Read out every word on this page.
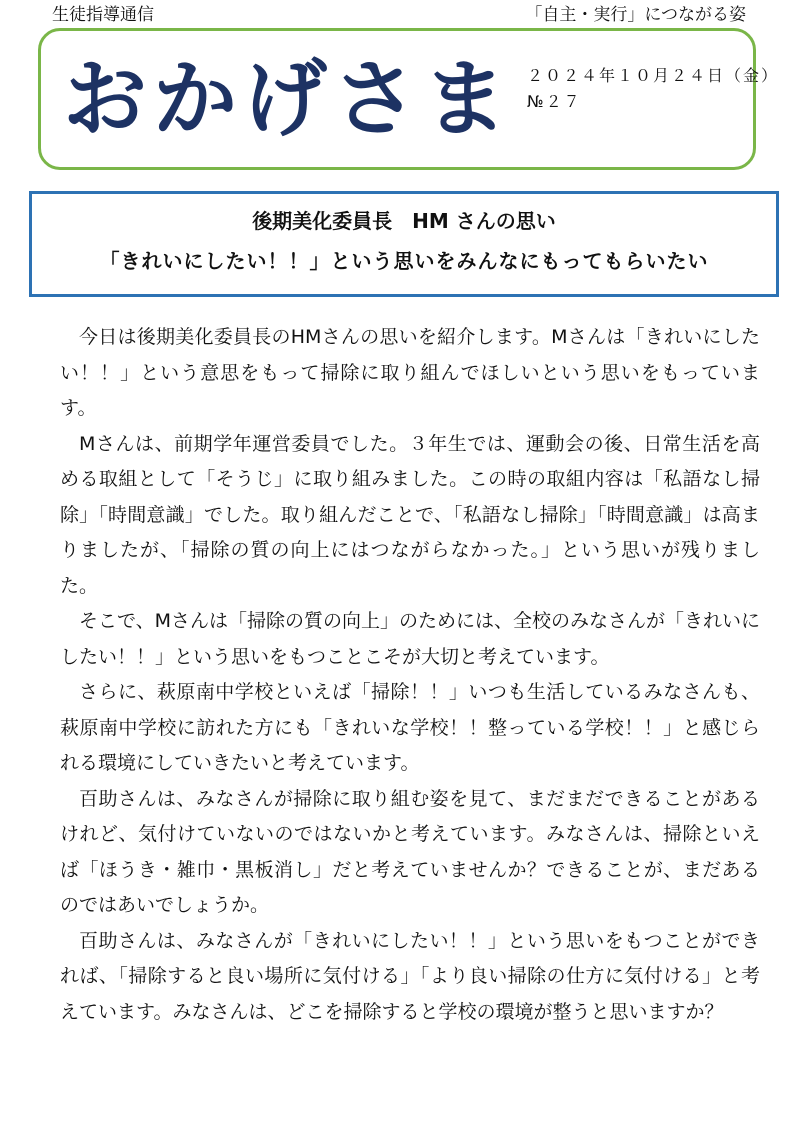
生徒指導通信	「自主・実行」につながる姿
おかげさま ２０２４年１０月２４日（金）
№２７
後期美化委員長　HM さんの思い
「きれいにしたい！！」という思いをみんなにもってもらいたい

今日は後期美化委員長のHMさんの思いを紹介します。Mさんは「きれいにしたい！！」という意思をもって掃除に取り組んでほしいという思いをもっています。

Mさんは、前期学年運営委員でした。３年生では、運動会の後、日常生活を高める取組として「そうじ」に取り組みました。この時の取組内容は「私語なし掃除」「時間意識」でした。取り組んだことで、「私語なし掃除」「時間意識」は高まりましたが、「掃除の質の向上にはつながらなかった。」という思いが残りました。

そこで、Mさんは「掃除の質の向上」のためには、全校のみなさんが「きれいにしたい！！」という思いをもつことこそが大切と考えています。

さらに、萩原南中学校といえば「掃除！！」いつも生活しているみなさんも、萩原南中学校に訪れた方にも「きれいな学校！！整っている学校！！」と感じられる環境にしていきたいと考えています。

百助さんは、みなさんが掃除に取り組む姿を見て、まだまだできることがあるけれど、気付けていないのではないかと考えています。みなさんは、掃除といえば「ほうき・雑巾・黒板消し」だと考えていませんか？できることが、まだあるのではあいでしょうか。

百助さんは、みなさんが「きれいにしたい！！」という思いをもつことができれば、「掃除すると良い場所に気付ける」「より良い掃除の仕方に気付ける」と考えています。みなさんは、どこを掃除すると学校の環境が整うと思いますか？
